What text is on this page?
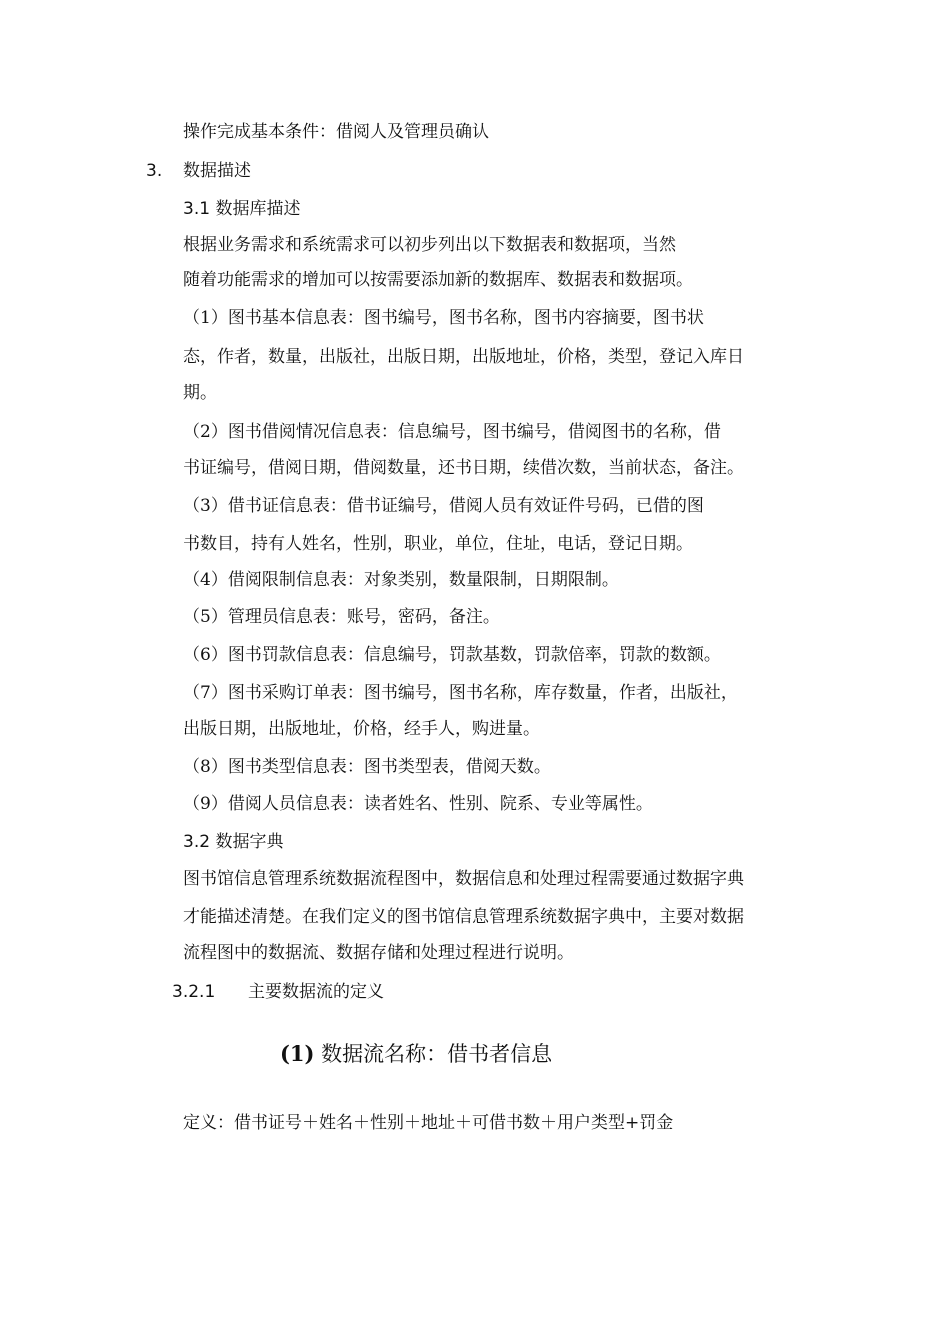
操作完成基本条件：借阅人及管理员确认
3. 数据描述
3.1 数据库描述
根据业务需求和系统需求可以初步列出以下数据表和数据项，当然
随着功能需求的增加可以按需要添加新的数据库、数据表和数据项。
（1）图书基本信息表：图书编号，图书名称，图书内容摘要，图书状
态，作者，数量，出版社，出版日期，出版地址，价格，类型，登记入库日
期。
（2）图书借阅情况信息表：信息编号，图书编号，借阅图书的名称，借
书证编号，借阅日期，借阅数量，还书日期，续借次数，当前状态，备注。
（3）借书证信息表：借书证编号，借阅人员有效证件号码，已借的图
书数目，持有人姓名，性别，职业，单位，住址，电话，登记日期。
（4）借阅限制信息表：对象类别，数量限制，日期限制。
（5）管理员信息表：账号，密码，备注。
（6）图书罚款信息表：信息编号，罚款基数，罚款倍率，罚款的数额。
（7）图书采购订单表：图书编号，图书名称，库存数量，作者，出版社，
出版日期，出版地址，价格，经手人，购进量。
（8）图书类型信息表：图书类型表，借阅天数。
（9）借阅人员信息表：读者姓名、性别、院系、专业等属性。
3.2 数据字典
图书馆信息管理系统数据流程图中，数据信息和处理过程需要通过数据字典
才能描述清楚。在我们定义的图书馆信息管理系统数据字典中，主要对数据
流程图中的数据流、数据存储和处理过程进行说明。
3.2.1 主要数据流的定义
(1) 数据流名称：借书者信息
定义：借书证号＋姓名＋性别＋地址＋可借书数＋用户类型+罚金
